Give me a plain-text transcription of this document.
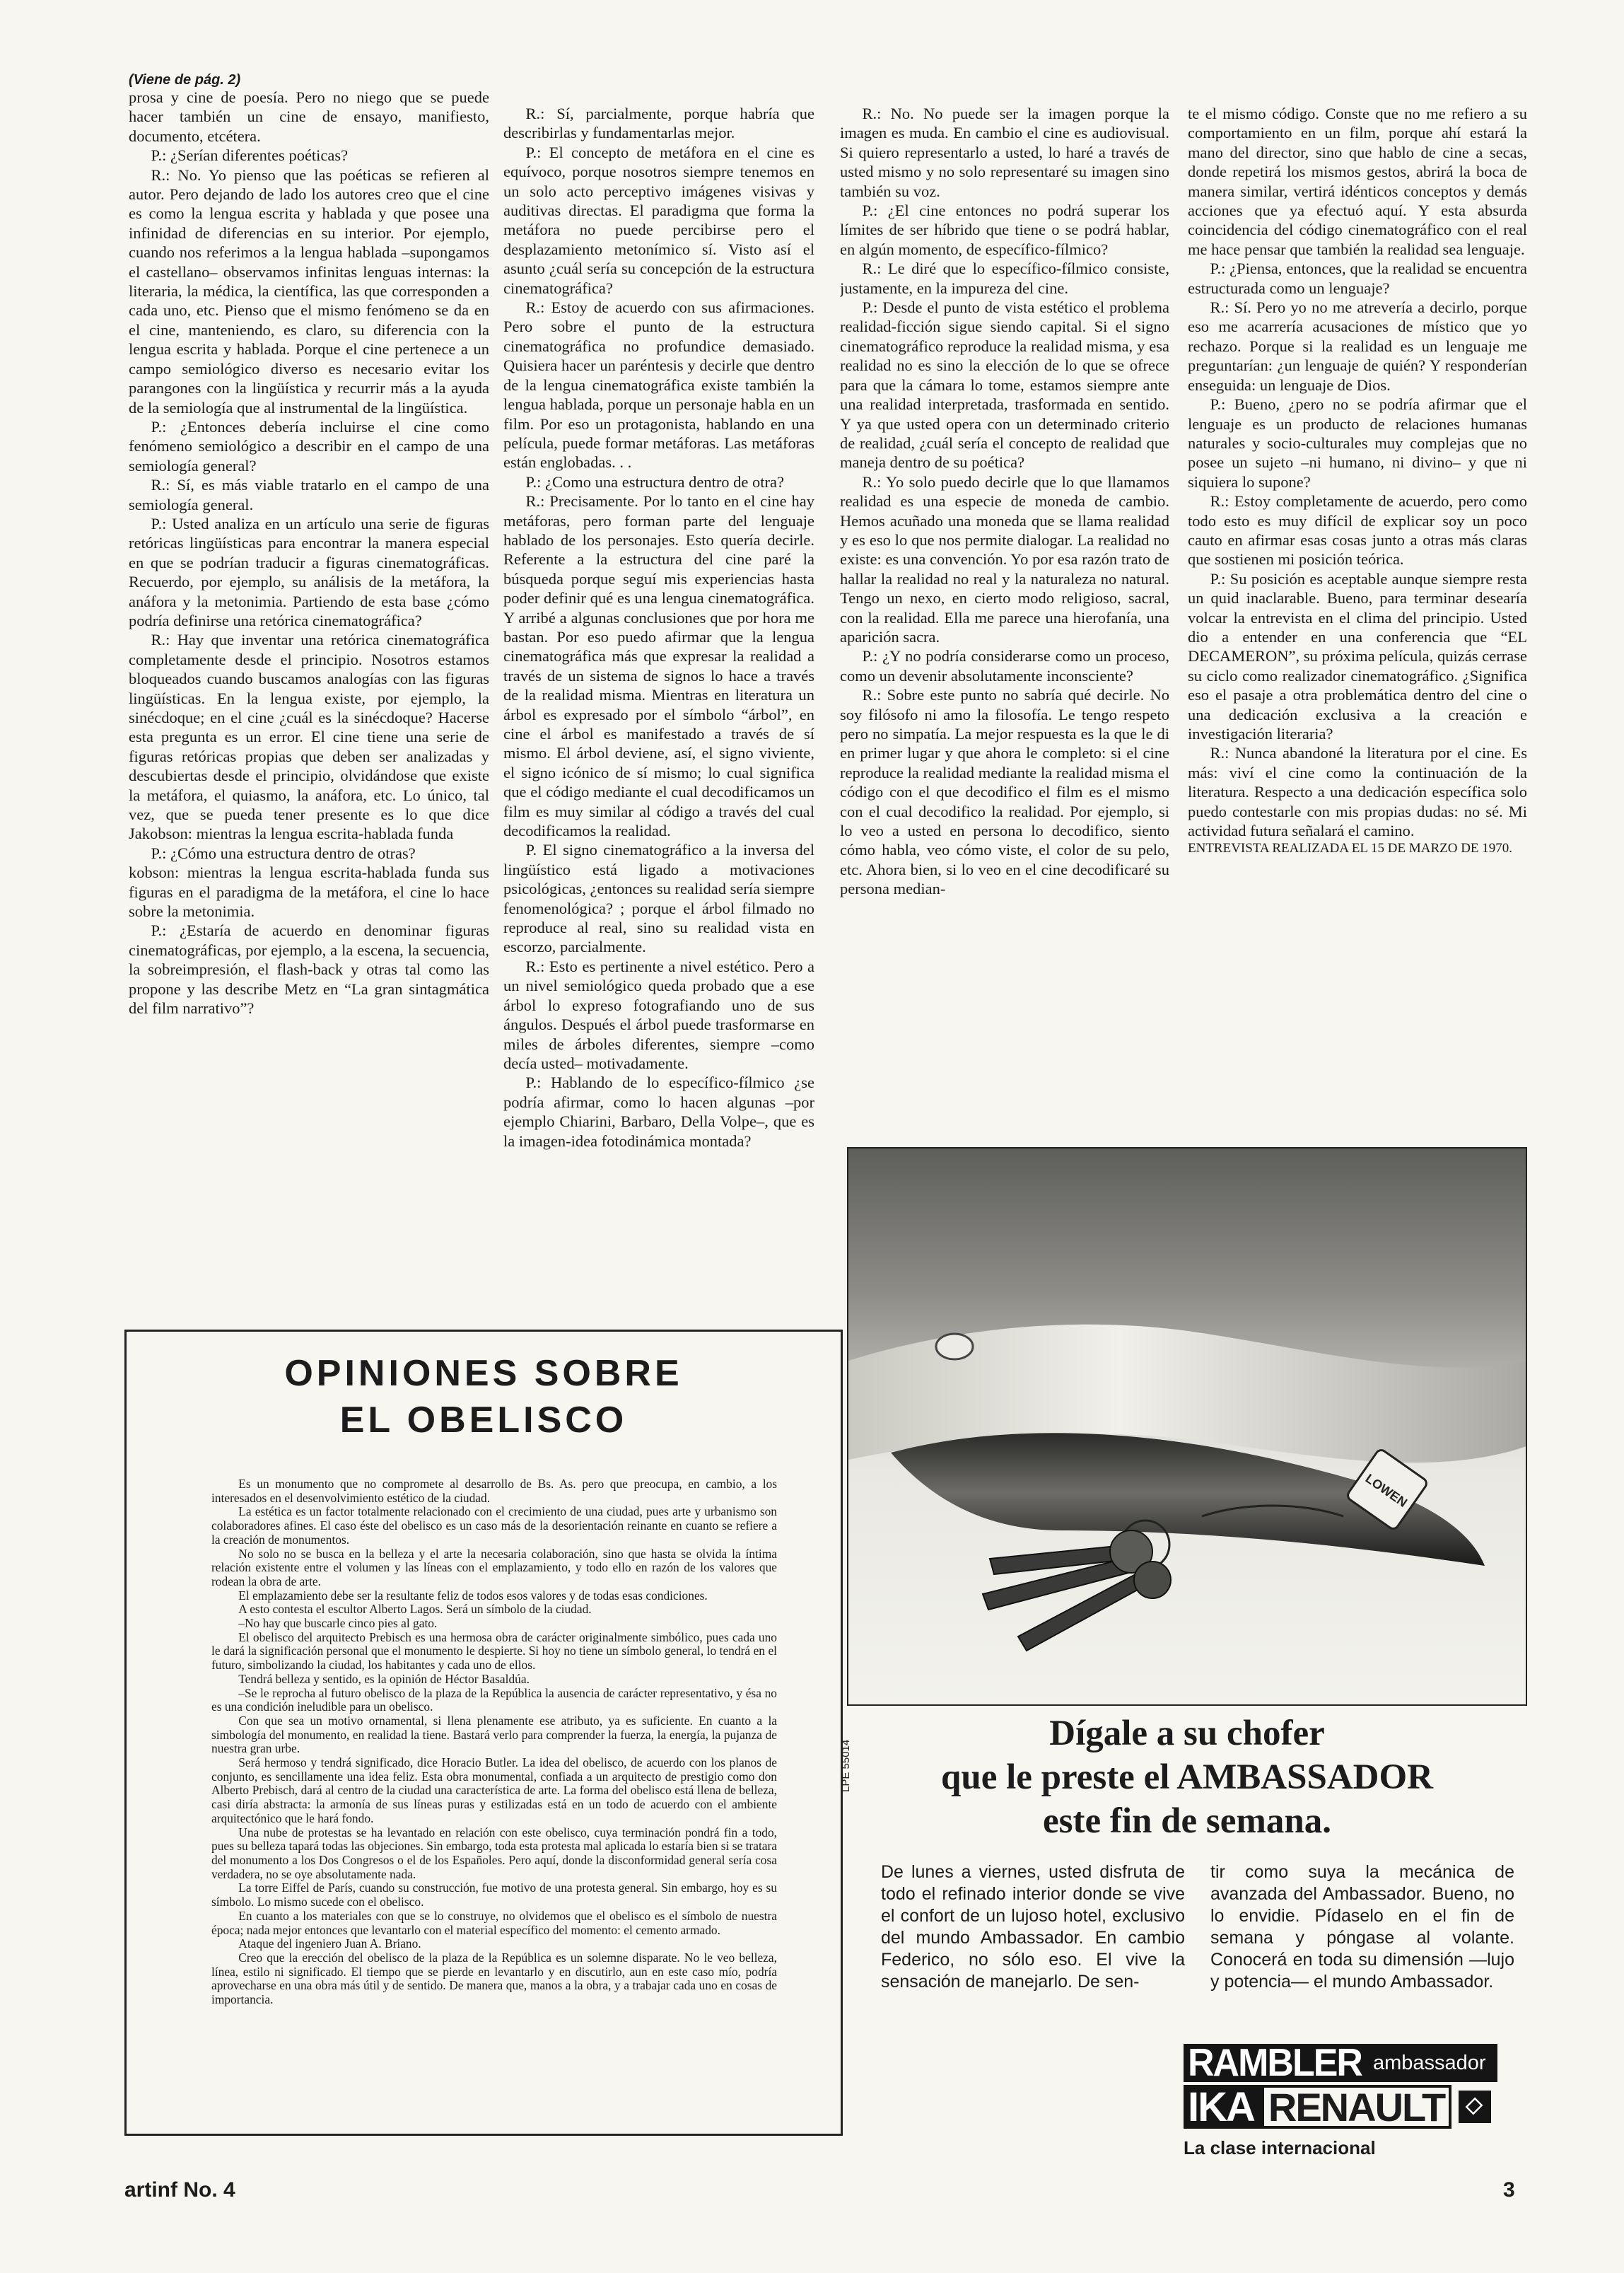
(Viene de pág. 2)

prosa y cine de poesía. Pero no niego que se puede hacer también un cine de ensayo, manifiesto, documento, etcétera.

P.: ¿Serían diferentes poéticas?

R.: No. Yo pienso que las poéticas se refieren al autor. Pero dejando de lado los autores creo que el cine es como la lengua escrita y hablada y que posee una infinidad de diferencias en su interior. Por ejemplo, cuando nos referimos a la lengua hablada –supongamos el castellano– observamos infinitas lenguas internas: la literaria, la médica, la científica, las que corresponden a cada uno, etc. Pienso que el mismo fenómeno se da en el cine, manteniendo, es claro, su diferencia con la lengua escrita y hablada. Porque el cine pertenece a un campo semiológico diverso es necesario evitar los parangones con la lingüística y recurrir más a la ayuda de la semiología que al instrumental de la lingüística.

P.: ¿Entonces debería incluirse el cine como fenómeno semiológico a describir en el campo de una semiología general?

R.: Sí, es más viable tratarlo en el campo de una semiología general.

P.: Usted analiza en un artículo una serie de figuras retóricas lingüísticas para encontrar la manera especial en que se podrían traducir a figuras cinematográficas. Recuerdo, por ejemplo, su análisis de la metáfora, la anáfora y la metonimia. Partiendo de esta base ¿cómo podría definirse una retórica cinematográfica?

R.: Hay que inventar una retórica cinematográfica completamente desde el principio. Nosotros estamos bloqueados cuando buscamos analogías con las figuras lingüísticas. En la lengua existe, por ejemplo, la sinécdoque; en el cine ¿cuál es la sinécdoque? Hacerse esta pregunta es un error. El cine tiene una serie de figuras retóricas propias que deben ser analizadas y descubiertas desde el principio, olvidándose que existe la metáfora, el quiasmo, la anáfora, etc. Lo único, tal vez, que se pueda tener presente es lo que dice Jakobson: mientras la lengua escrita-hablada funda

P.: ¿Cómo una estructura dentro de otras?

kobson: mientras la lengua escrita-hablada funda sus figuras en el paradigma de la metáfora, el cine lo hace sobre la metonimia.

P.: ¿Estaría de acuerdo en denominar figuras cinematográficas, por ejemplo, a la escena, la secuencia, la sobreimpresión, el flash-back y otras tal como las propone y las describe Metz en “La gran sintagmática del film narrativo”?

R.: Sí, parcialmente, porque habría que describirlas y fundamentarlas mejor.

P.: El concepto de metáfora en el cine es equívoco, porque nosotros siempre tenemos en un solo acto perceptivo imágenes visivas y auditivas directas. El paradigma que forma la metáfora no puede percibirse pero el desplazamiento metonímico sí. Visto así el asunto ¿cuál sería su concepción de la estructura cinematográfica?

R.: Estoy de acuerdo con sus afirmaciones. Pero sobre el punto de la estructura cinematográfica no profundice demasiado. Quisiera hacer un paréntesis y decirle que dentro de la lengua cinematográfica existe también la lengua hablada, porque un personaje habla en un film. Por eso un protagonista, hablando en una película, puede formar metáforas. Las metáforas están englobadas. . .

P.: ¿Como una estructura dentro de otra?

R.: Precisamente. Por lo tanto en el cine hay metáforas, pero forman parte del lenguaje hablado de los personajes. Esto quería decirle. Referente a la estructura del cine paré la búsqueda porque seguí mis experiencias hasta poder definir qué es una lengua cinematográfica. Y arribé a algunas conclusiones que por hora me bastan. Por eso puedo afirmar que la lengua cinematográfica más que expresar la realidad a través de un sistema de signos lo hace a través de la realidad misma. Mientras en literatura un árbol es expresado por el símbolo “árbol”, en cine el árbol es manifestado a través de sí mismo. El árbol deviene, así, el signo viviente, el signo icónico de sí mismo; lo cual significa que el código mediante el cual decodificamos un film es muy similar al código a través del cual decodificamos la realidad.

P. El signo cinematográfico a la inversa del lingüístico está ligado a motivaciones psicológicas, ¿entonces su realidad sería siempre fenomenológica? ; porque el árbol filmado no reproduce al real, sino su realidad vista en escorzo, parcialmente.

R.: Esto es pertinente a nivel estético. Pero a un nivel semiológico queda probado que a ese árbol lo expreso fotografiando uno de sus ángulos. Después el árbol puede trasformarse en miles de árboles diferentes, siempre –como decía usted– motivadamente.

P.: Hablando de lo específico-fílmico ¿se podría afirmar, como lo hacen algunas –por ejemplo Chiarini, Barbaro, Della Volpe–, que es la imagen-idea fotodinámica montada?

R.: No. No puede ser la imagen porque la imagen es muda. En cambio el cine es audiovisual. Si quiero representarlo a usted, lo haré a través de usted mismo y no solo representaré su imagen sino también su voz.

P.: ¿El cine entonces no podrá superar los límites de ser híbrido que tiene o se podrá hablar, en algún momento, de específico-fílmico?

R.: Le diré que lo específico-fílmico consiste, justamente, en la impureza del cine.

P.: Desde el punto de vista estético el problema realidad-ficción sigue siendo capital. Si el signo cinematográfico reproduce la realidad misma, y esa realidad no es sino la elección de lo que se ofrece para que la cámara lo tome, estamos siempre ante una realidad interpretada, trasformada en sentido. Y ya que usted opera con un determinado criterio de realidad, ¿cuál sería el concepto de realidad que maneja dentro de su poética?

R.: Yo solo puedo decirle que lo que llamamos realidad es una especie de moneda de cambio. Hemos acuñado una moneda que se llama realidad y es eso lo que nos permite dialogar. La realidad no existe: es una convención. Yo por esa razón trato de hallar la realidad no real y la naturaleza no natural. Tengo un nexo, en cierto modo religioso, sacral, con la realidad. Ella me parece una hierofanía, una aparición sacra.

P.: ¿Y no podría considerarse como un proceso, como un devenir absolutamente inconsciente?

R.: Sobre este punto no sabría qué decirle. No soy filósofo ni amo la filosofía. Le tengo respeto pero no simpatía. La mejor respuesta es la que le di en primer lugar y que ahora le completo: si el cine reproduce la realidad mediante la realidad misma el código con el que decodifico el film es el mismo con el cual decodifico la realidad. Por ejemplo, si lo veo a usted en persona lo decodifico, siento cómo habla, veo cómo viste, el color de su pelo, etc. Ahora bien, si lo veo en el cine decodificaré su persona median-

te el mismo código. Conste que no me refiero a su comportamiento en un film, porque ahí estará la mano del director, sino que hablo de cine a secas, donde repetirá los mismos gestos, abrirá la boca de manera similar, vertirá idénticos conceptos y demás acciones que ya efectuó aquí. Y esta absurda coincidencia del código cinematográfico con el real me hace pensar que también la realidad sea lenguaje.

P.: ¿Piensa, entonces, que la realidad se encuentra estructurada como un lenguaje?

R.: Sí. Pero yo no me atrevería a decirlo, porque eso me acarrería acusaciones de místico que yo rechazo. Porque si la realidad es un lenguaje me preguntarían: ¿un lenguaje de quién? Y responderían enseguida: un lenguaje de Dios.

P.: Bueno, ¿pero no se podría afirmar que el lenguaje es un producto de relaciones humanas naturales y socio-culturales muy complejas que no posee un sujeto –ni humano, ni divino– y que ni siquiera lo supone?

R.: Estoy completamente de acuerdo, pero como todo esto es muy difícil de explicar soy un poco cauto en afirmar esas cosas junto a otras más claras que sostienen mi posición teórica.

P.: Su posición es aceptable aunque siempre resta un quid inaclarable. Bueno, para terminar desearía volcar la entrevista en el clima del principio. Usted dio a entender en una conferencia que “EL DECAMERON”, su próxima película, quizás cerrase su ciclo como realizador cinematográfico. ¿Significa eso el pasaje a otra problemática dentro del cine o una dedicación exclusiva a la creación e investigación literaria?

R.: Nunca abandoné la literatura por el cine. Es más: viví el cine como la continuación de la literatura. Respecto a una dedicación específica solo puedo contestarle con mis propias dudas: no sé. Mi actividad futura señalará el camino.

ENTREVISTA REALIZADA EL 15 DE MARZO DE 1970.

OPINIONES SOBRE
EL OBELISCO

Es un monumento que no compromete al desarrollo de Bs. As. pero que preocupa, en cambio, a los interesados en el desenvolvimiento estético de la ciudad.

La estética es un factor totalmente relacionado con el crecimiento de una ciudad, pues arte y urbanismo son colaboradores afines. El caso éste del obelisco es un caso más de la desorientación reinante en cuanto se refiere a la creación de monumentos.

No solo no se busca en la belleza y el arte la necesaria colaboración, sino que hasta se olvida la íntima relación existente entre el volumen y las líneas con el emplazamiento, y todo ello en razón de los valores que rodean la obra de arte.

El emplazamiento debe ser la resultante feliz de todos esos valores y de todas esas condiciones.

A esto contesta el escultor Alberto Lagos. Será un símbolo de la ciudad.

–No hay que buscarle cinco pies al gato.

El obelisco del arquitecto Prebisch es una hermosa obra de carácter originalmente simbólico, pues cada uno le dará la significación personal que el monumento le despierte. Si hoy no tiene un símbolo general, lo tendrá en el futuro, simbolizando la ciudad, los habitantes y cada uno de ellos.

Tendrá belleza y sentido, es la opinión de Héctor Basaldúa.

–Se le reprocha al futuro obelisco de la plaza de la República la ausencia de carácter representativo, y ésa no es una condición ineludible para un obelisco.

Con que sea un motivo ornamental, si llena plenamente ese atributo, ya es suficiente. En cuanto a la simbología del monumento, en realidad la tiene. Bastará verlo para comprender la fuerza, la energía, la pujanza de nuestra gran urbe.

Será hermoso y tendrá significado, dice Horacio Butler. La idea del obelisco, de acuerdo con los planos de conjunto, es sencillamente una idea feliz. Esta obra monumental, confiada a un arquitecto de prestigio como don Alberto Prebisch, dará al centro de la ciudad una característica de arte. La forma del obelisco está llena de belleza, casi diría abstracta: la armonía de sus líneas puras y estilizadas está en un todo de acuerdo con el ambiente arquitectónico que le hará fondo.

Una nube de protestas se ha levantado en relación con este obelisco, cuya terminación pondrá fin a todo, pues su belleza tapará todas las objeciones. Sin embargo, toda esta protesta mal aplicada lo estaría bien si se tratara del monumento a los Dos Congresos o el de los Españoles. Pero aquí, donde la disconformidad general sería cosa verdadera, no se oye absolutamente nada.

La torre Eiffel de París, cuando su construcción, fue motivo de una protesta general. Sin embargo, hoy es su símbolo. Lo mismo sucede con el obelisco.

En cuanto a los materiales con que se lo construye, no olvidemos que el obelisco es el símbolo de nuestra época; nada mejor entonces que levantarlo con el material específico del momento: el cemento armado.

Ataque del ingeniero Juan A. Briano.

Creo que la erección del obelisco de la plaza de la República es un solemne disparate. No le veo belleza, línea, estilo ni significado. El tiempo que se pierde en levantarlo y en discutirlo, aun en este caso mío, podría aprovecharse en una obra más útil y de sentido. De manera que, manos a la obra, y a trabajar cada uno en cosas de importancia.

LOWEN
LPE 55014
Dígale a su chofer
que le preste el AMBASSADOR
este fin de semana.
De lunes a viernes, usted disfruta de todo el refinado interior donde se vive el confort de un lujoso hotel, exclusivo del mundo Ambassador. En cambio Federico, no sólo eso. El vive la sensación de manejarlo. De sen-
tir como suya la mecánica de avanzada del Ambassador. Bueno, no lo envidie. Pídaselo en el fin de semana y póngase al volante. Conocerá en toda su dimensión —lujo y potencia— el mundo Ambassador.
RAMBLER ambassador
IKA RENAULT
La clase internacional
artinf No. 4	3
